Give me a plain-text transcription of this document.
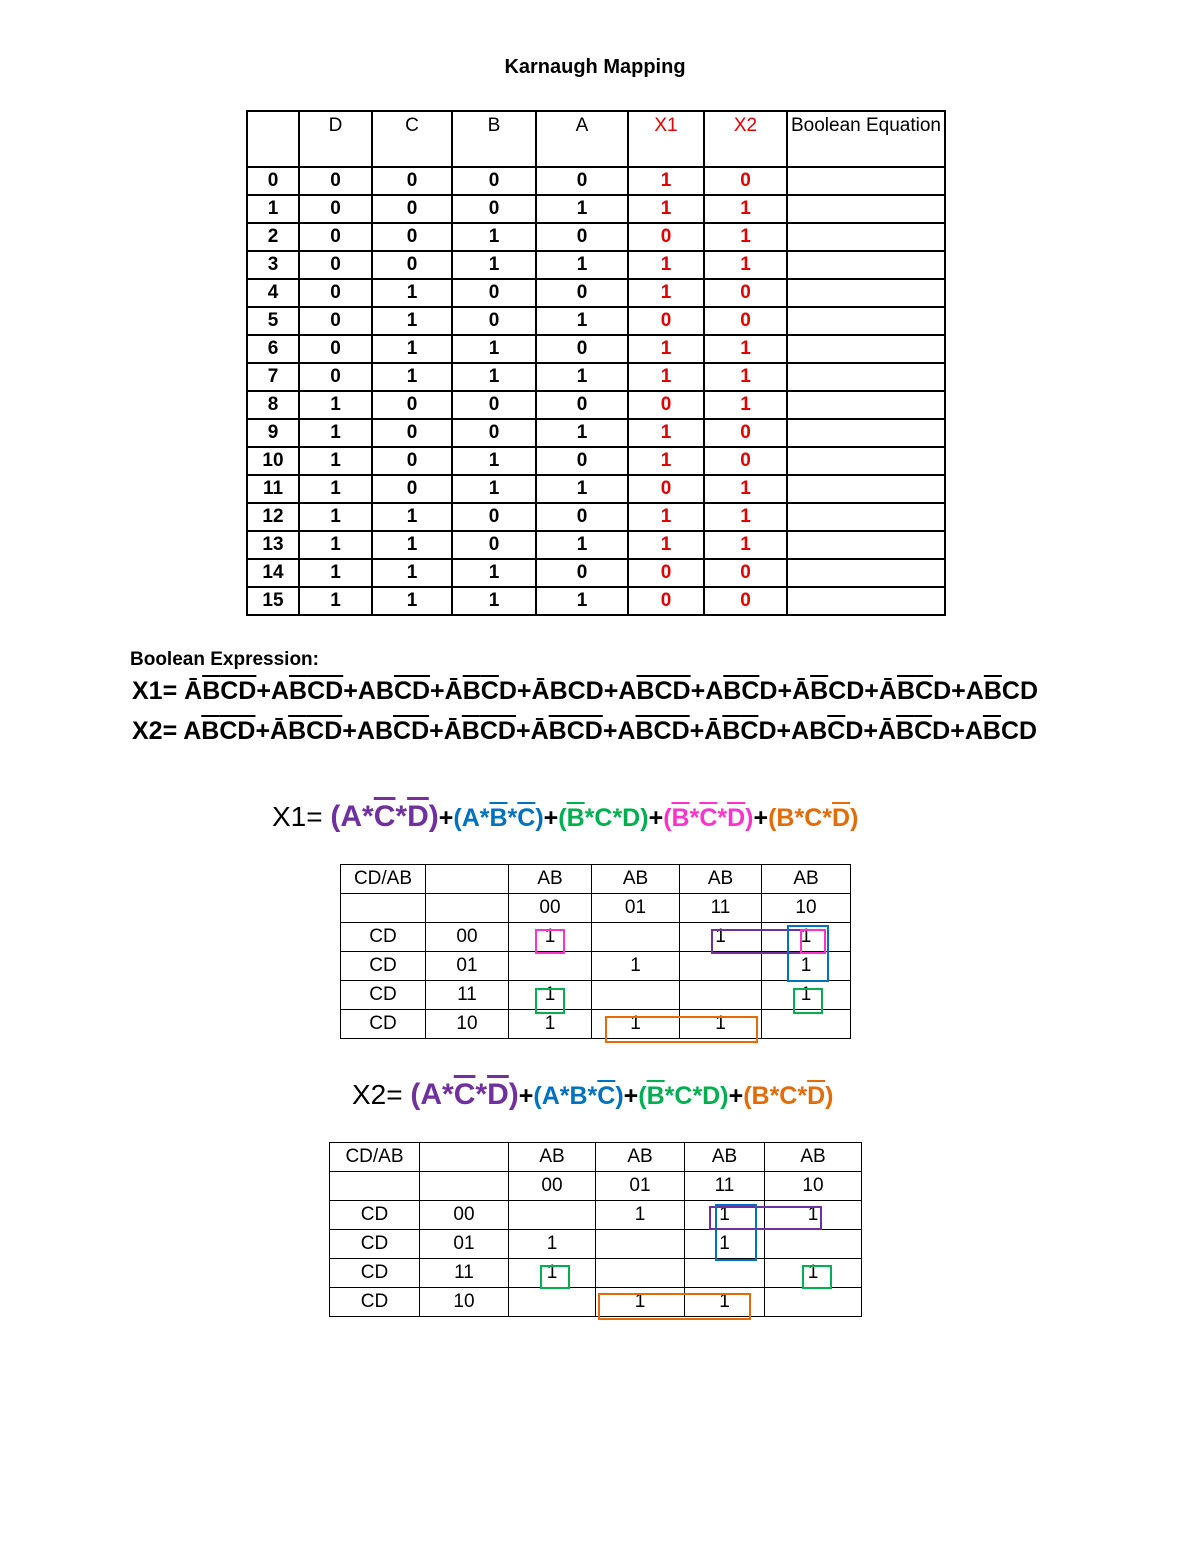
Karnaugh Mapping
	D	C	B	A	X1	X2	Boolean Equation
0	0	0	0	0	1	0	
1	0	0	0	1	1	1	
2	0	0	1	0	0	1	
3	0	0	1	1	1	1	
4	0	1	0	0	1	0	
5	0	1	0	1	0	0	
6	0	1	1	0	1	1	
7	0	1	1	1	1	1	
8	1	0	0	0	0	1	
9	1	0	0	1	1	0	
10	1	0	1	0	1	0	
11	1	0	1	1	0	1	
12	1	1	0	0	1	1	
13	1	1	0	1	1	1	
14	1	1	1	0	0	0	
15	1	1	1	1	0	0	
Boolean Expression:
$X1= Ā\overline{B}\overline{CD}+A\overline{B}\overline{CD}+AB\overline{CD}+Ā\overline{B}\overline{C}D+ĀBCD+A\overline{BCD}+A\overline{B}\overline{C}D+Ā\overline{B}CD+Ā\overline{B}\overline{C}D+A\overline{B}CD$
$X2= A\overline{B}\overline{CD}+Ā\overline{B}\overline{CD}+AB\overline{CD}+Ā\overline{B}\overline{CD}+Ā\overline{BCD}+A\overline{BCD}+Ā\overline{B}\overline{C}D+AB\overline{C}D+Ā\overline{B}\overline{C}D+A\overline{B}CD$
$X1= (A*\overline{C}*\overline{D})+(A*\overline{B}*\overline{C})+(\overline{B}*C*D)+(\overline{B}*\overline{C}*\overline{D})+(B*C*\overline{D})$
CD/AB		AB	AB	AB	AB
		00	01	11	10
CD	00	1		1	1
CD	01		1		1
CD	11	1			1
CD	10	1	1	1	
$X2= (A*\overline{C}*\overline{D})+(A*B*\overline{C})+(\overline{B}*C*D)+(B*C*\overline{D})$
CD/AB		AB	AB	AB	AB
		00	01	11	10
CD	00		1	1	1
CD	01	1		1	
CD	11	1			1
CD	10		1	1	
